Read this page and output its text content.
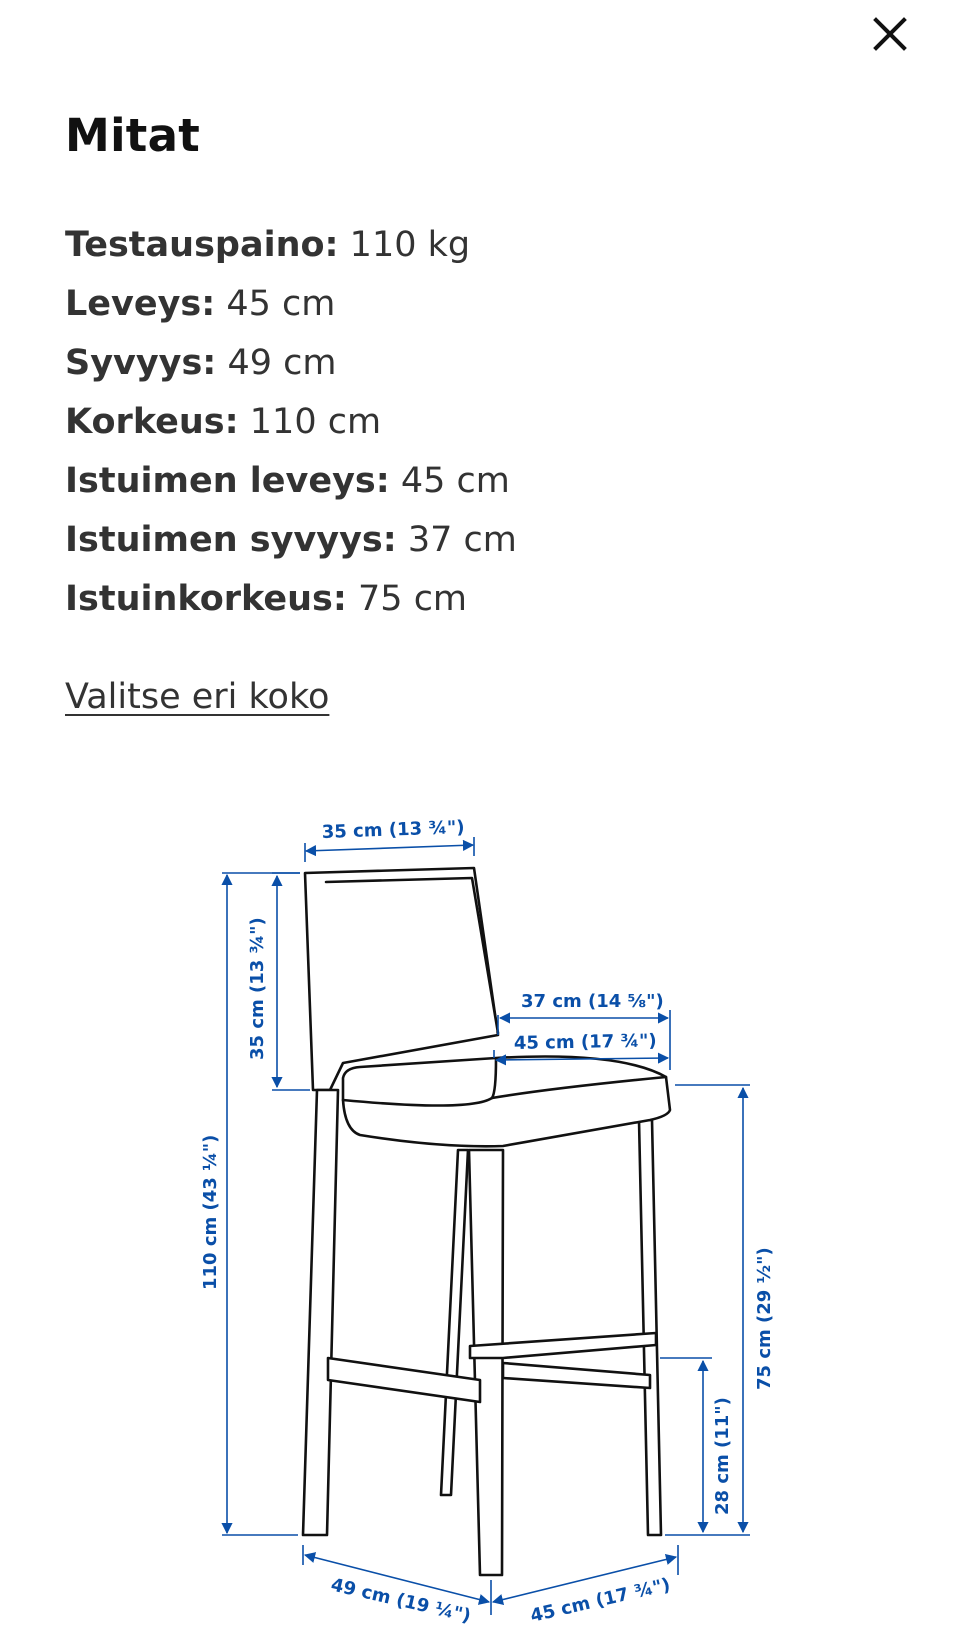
Mitat
Testauspaino: 110 kg
Leveys: 45 cm
Syvyys: 49 cm
Korkeus: 110 cm
Istuimen leveys: 45 cm
Istuimen syvyys: 37 cm
Istuinkorkeus: 75 cm
Valitse eri koko
35 cm (13 ¾")
37 cm (14 ⅝")
45 cm (17 ¾")
35 cm (13 ¾")
110 cm (43 ¼")
75 cm (29 ½")
28 cm (11")
49 cm (19 ¼")	45 cm (17 ¾")
